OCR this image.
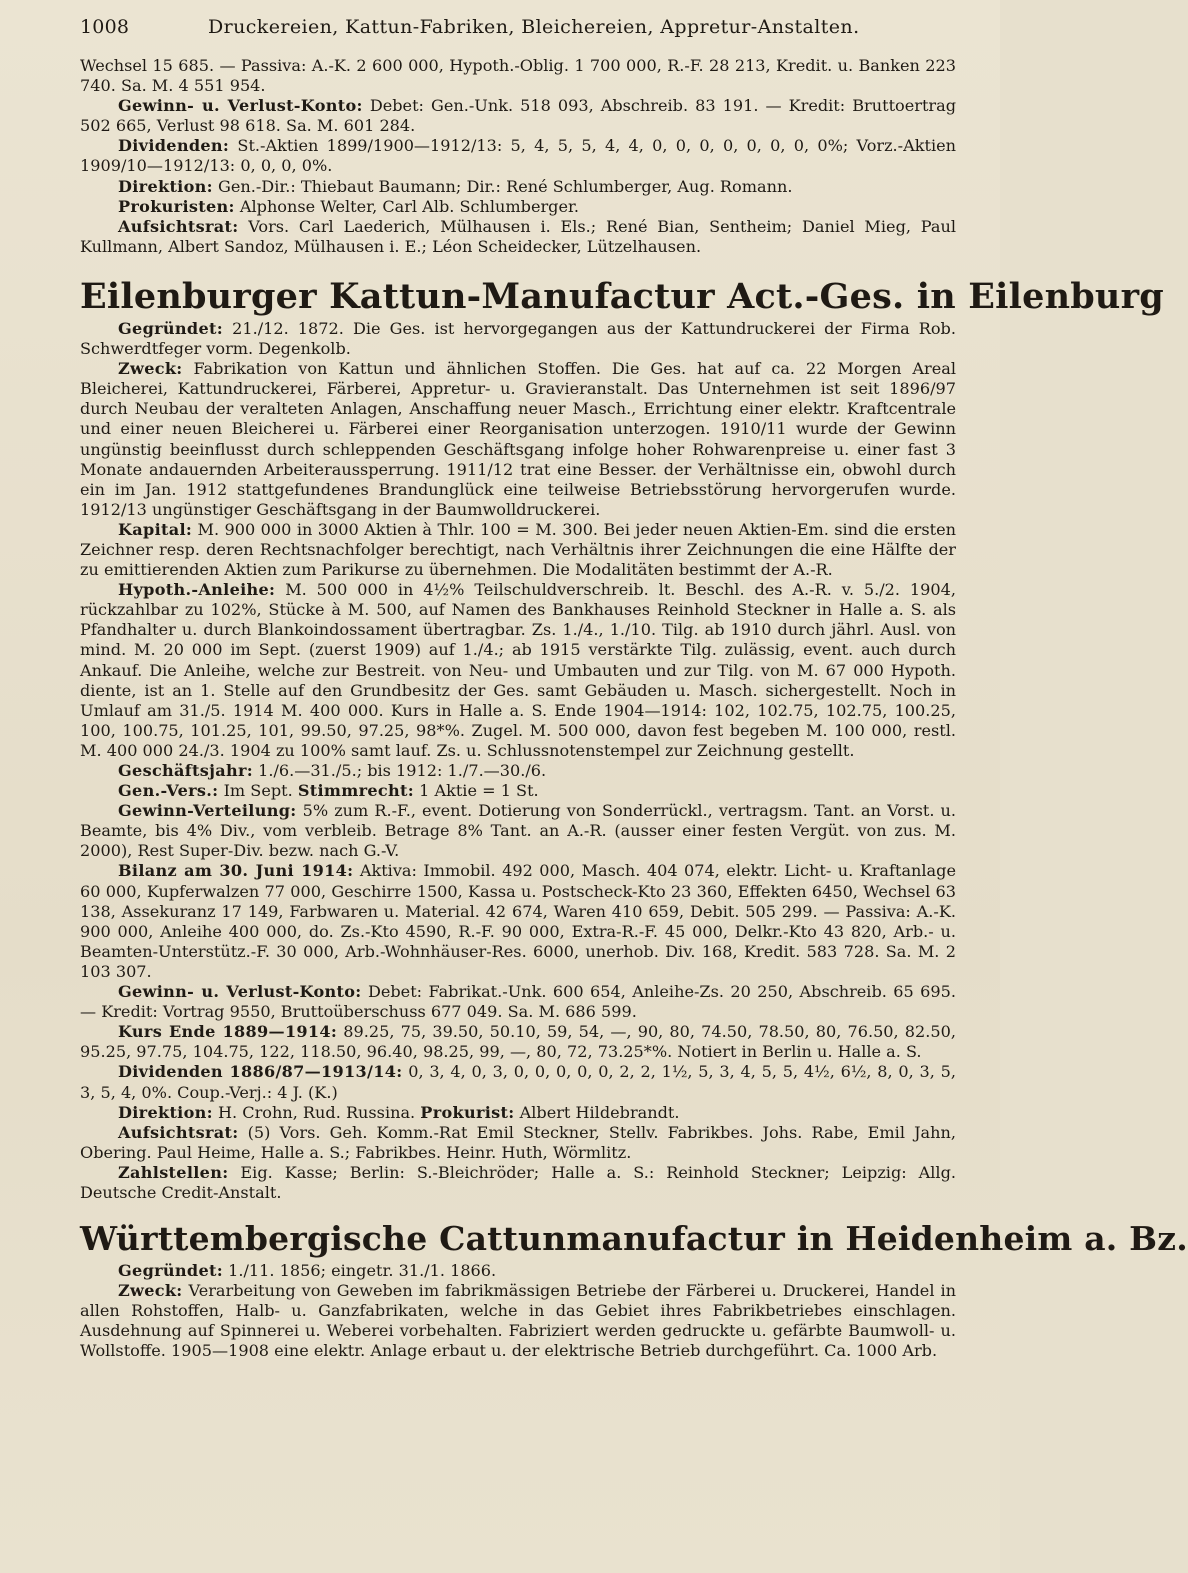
1008	Druckereien, Kattun-Fabriken, Bleichereien, Appretur-Anstalten.

Wechsel 15 685. — Passiva: A.-K. 2 600 000, Hypoth.-Oblig. 1 700 000, R.-F. 28 213, Kredit. u. Banken 223 740. Sa. M. 4 551 954.

Gewinn- u. Verlust-Konto: Debet: Gen.-Unk. 518 093, Abschreib. 83 191. — Kredit: Bruttoertrag 502 665, Verlust 98 618. Sa. M. 601 284.

Dividenden: St.-Aktien 1899/1900—1912/13: 5, 4, 5, 5, 4, 4, 0, 0, 0, 0, 0, 0, 0, 0%; Vorz.-Aktien 1909/10—1912/13: 0, 0, 0, 0%.

Direktion: Gen.-Dir.: Thiebaut Baumann; Dir.: René Schlumberger, Aug. Romann.

Prokuristen: Alphonse Welter, Carl Alb. Schlumberger.

Aufsichtsrat: Vors. Carl Laederich, Mülhausen i. Els.; René Bian, Sentheim; Daniel Mieg, Paul Kullmann, Albert Sandoz, Mülhausen i. E.; Léon Scheidecker, Lützelhausen.

Eilenburger Kattun-Manufactur Act.-Ges. in Eilenburg

Gegründet: 21./12. 1872. Die Ges. ist hervorgegangen aus der Kattundruckerei der Firma Rob. Schwerdtfeger vorm. Degenkolb.

Zweck: Fabrikation von Kattun und ähnlichen Stoffen. Die Ges. hat auf ca. 22 Morgen Areal Bleicherei, Kattundruckerei, Färberei, Appretur- u. Gravieranstalt. Das Unternehmen ist seit 1896/97 durch Neubau der veralteten Anlagen, Anschaffung neuer Masch., Errichtung einer elektr. Kraftcentrale und einer neuen Bleicherei u. Färberei einer Reorganisation unterzogen. 1910/11 wurde der Gewinn ungünstig beeinflusst durch schleppenden Geschäftsgang infolge hoher Rohwarenpreise u. einer fast 3 Monate andauernden Arbeiteraussperrung. 1911/12 trat eine Besser. der Verhältnisse ein, obwohl durch ein im Jan. 1912 stattgefundenes Brandunglück eine teilweise Betriebsstörung hervorgerufen wurde. 1912/13 ungünstiger Geschäftsgang in der Baumwolldruckerei.

Kapital: M. 900 000 in 3000 Aktien à Thlr. 100 = M. 300. Bei jeder neuen Aktien-Em. sind die ersten Zeichner resp. deren Rechtsnachfolger berechtigt, nach Verhältnis ihrer Zeichnungen die eine Hälfte der zu emittierenden Aktien zum Parikurse zu übernehmen. Die Modalitäten bestimmt der A.-R.

Hypoth.-Anleihe: M. 500 000 in 4½% Teilschuldverschreib. lt. Beschl. des A.-R. v. 5./2. 1904, rückzahlbar zu 102%, Stücke à M. 500, auf Namen des Bankhauses Reinhold Steckner in Halle a. S. als Pfandhalter u. durch Blankoindossament übertragbar. Zs. 1./4., 1./10. Tilg. ab 1910 durch jährl. Ausl. von mind. M. 20 000 im Sept. (zuerst 1909) auf 1./4.; ab 1915 verstärkte Tilg. zulässig, event. auch durch Ankauf. Die Anleihe, welche zur Bestreit. von Neu- und Umbauten und zur Tilg. von M. 67 000 Hypoth. diente, ist an 1. Stelle auf den Grundbesitz der Ges. samt Gebäuden u. Masch. sichergestellt. Noch in Umlauf am 31./5. 1914 M. 400 000. Kurs in Halle a. S. Ende 1904—1914: 102, 102.75, 102.75, 100.25, 100, 100.75, 101.25, 101, 99.50, 97.25, 98*%. Zugel. M. 500 000, davon fest begeben M. 100 000, restl. M. 400 000 24./3. 1904 zu 100% samt lauf. Zs. u. Schlussnotenstempel zur Zeichnung gestellt.

Geschäftsjahr: 1./6.—31./5.; bis 1912: 1./7.—30./6.

Gen.-Vers.: Im Sept. Stimmrecht: 1 Aktie = 1 St.

Gewinn-Verteilung: 5% zum R.-F., event. Dotierung von Sonderrückl., vertragsm. Tant. an Vorst. u. Beamte, bis 4% Div., vom verbleib. Betrage 8% Tant. an A.-R. (ausser einer festen Vergüt. von zus. M. 2000), Rest Super-Div. bezw. nach G.-V.

Bilanz am 30. Juni 1914: Aktiva: Immobil. 492 000, Masch. 404 074, elektr. Licht- u. Kraftanlage 60 000, Kupferwalzen 77 000, Geschirre 1500, Kassa u. Postscheck-Kto 23 360, Effekten 6450, Wechsel 63 138, Assekuranz 17 149, Farbwaren u. Material. 42 674, Waren 410 659, Debit. 505 299. — Passiva: A.-K. 900 000, Anleihe 400 000, do. Zs.-Kto 4590, R.-F. 90 000, Extra-R.-F. 45 000, Delkr.-Kto 43 820, Arb.- u. Beamten-Unterstütz.-F. 30 000, Arb.-Wohnhäuser-Res. 6000, unerhob. Div. 168, Kredit. 583 728. Sa. M. 2 103 307.

Gewinn- u. Verlust-Konto: Debet: Fabrikat.-Unk. 600 654, Anleihe-Zs. 20 250, Abschreib. 65 695. — Kredit: Vortrag 9550, Bruttoüberschuss 677 049. Sa. M. 686 599.

Kurs Ende 1889—1914: 89.25, 75, 39.50, 50.10, 59, 54, —, 90, 80, 74.50, 78.50, 80, 76.50, 82.50, 95.25, 97.75, 104.75, 122, 118.50, 96.40, 98.25, 99, —, 80, 72, 73.25*%. Notiert in Berlin u. Halle a. S.

Dividenden 1886/87—1913/14: 0, 3, 4, 0, 3, 0, 0, 0, 0, 0, 2, 2, 1½, 5, 3, 4, 5, 5, 4½, 6½, 8, 0, 3, 5, 3, 5, 4, 0%. Coup.-Verj.: 4 J. (K.)

Direktion: H. Crohn, Rud. Russina. Prokurist: Albert Hildebrandt.

Aufsichtsrat: (5) Vors. Geh. Komm.-Rat Emil Steckner, Stellv. Fabrikbes. Johs. Rabe, Emil Jahn, Obering. Paul Heime, Halle a. S.; Fabrikbes. Heinr. Huth, Wörmlitz.

Zahlstellen: Eig. Kasse; Berlin: S.-Bleichröder; Halle a. S.: Reinhold Steckner; Leipzig: Allg. Deutsche Credit-Anstalt.

Württembergische Cattunmanufactur in Heidenheim a. Bz.

Gegründet: 1./11. 1856; eingetr. 31./1. 1866.

Zweck: Verarbeitung von Geweben im fabrikmässigen Betriebe der Färberei u. Druckerei, Handel in allen Rohstoffen, Halb- u. Ganzfabrikaten, welche in das Gebiet ihres Fabrikbetriebes einschlagen. Ausdehnung auf Spinnerei u. Weberei vorbehalten. Fabriziert werden gedruckte u. gefärbte Baumwoll- u. Wollstoffe. 1905—1908 eine elektr. Anlage erbaut u. der elektrische Betrieb durchgeführt. Ca. 1000 Arb.
